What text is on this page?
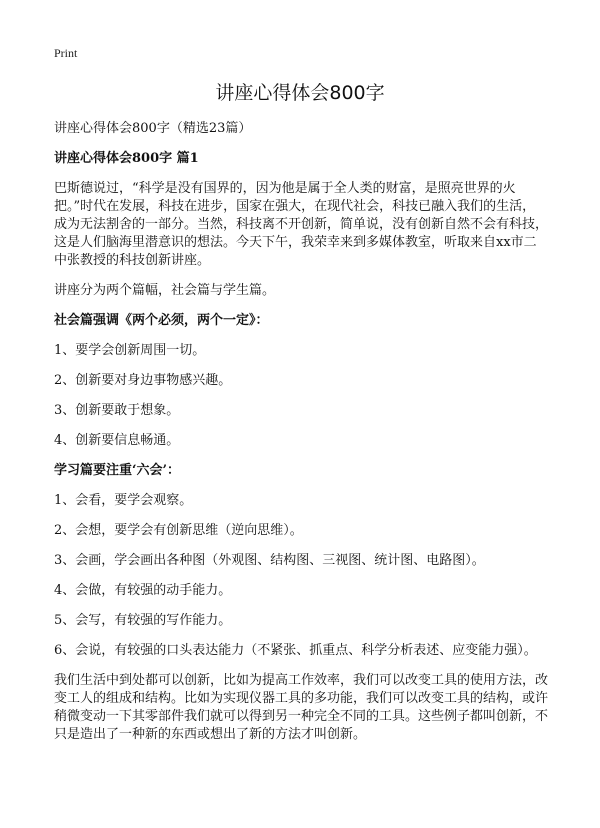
Print
讲座心得体会800字

讲座心得体会800字（精选23篇）

讲座心得体会800字 篇1

巴斯德说过，“科学是没有国界的，因为他是属于全人类的财富，是照亮世界的火把。”时代在发展，科技在进步，国家在强大，在现代社会，科技已融入我们的生活，成为无法割舍的一部分。当然，科技离不开创新，简单说，没有创新自然不会有科技，这是人们脑海里潜意识的想法。今天下午，我荣幸来到多媒体教室，听取来自xx市二中张教授的科技创新讲座。

讲座分为两个篇幅，社会篇与学生篇。

社会篇强调《两个必须，两个一定》：

1、要学会创新周围一切。
2、创新要对身边事物感兴趣。
3、创新要敢于想象。
4、创新要信息畅通。

学习篇要注重‘六会’：

1、会看，要学会观察。
2、会想，要学会有创新思维（逆向思维）。
3、会画，学会画出各种图（外观图、结构图、三视图、统计图、电路图）。
4、会做，有较强的动手能力。
5、会写，有较强的写作能力。
6、会说，有较强的口头表达能力（不紧张、抓重点、科学分析表述、应变能力强）。

我们生活中到处都可以创新，比如为提高工作效率，我们可以改变工具的使用方法，改变工人的组成和结构。比如为实现仪器工具的多功能，我们可以改变工具的结构，或许稍微变动一下其零部件我们就可以得到另一种完全不同的工具。这些例子都叫创新，不只是造出了一种新的东西或想出了新的方法才叫创新。
